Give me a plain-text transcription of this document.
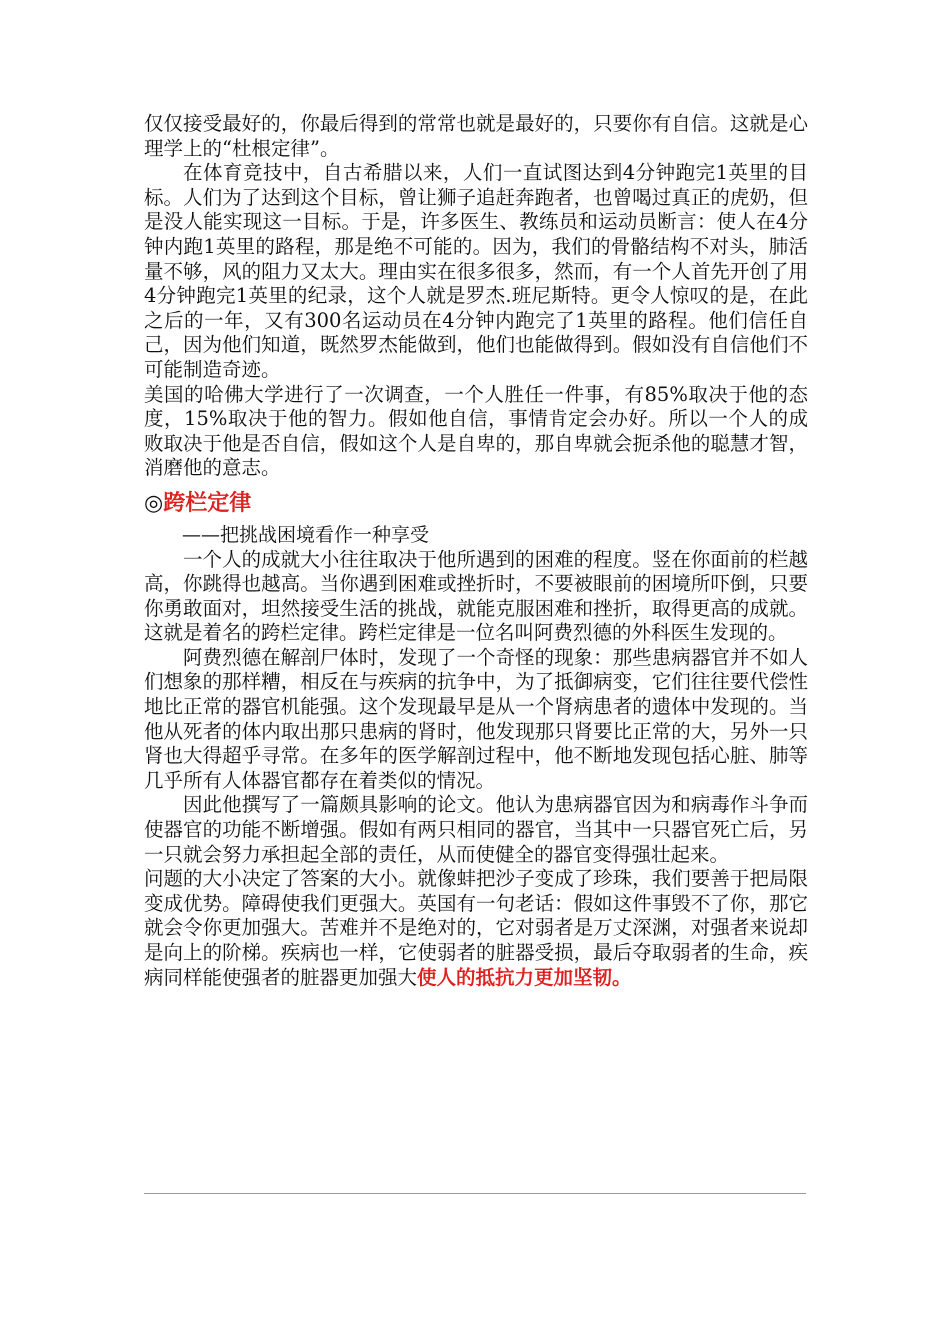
仅仅接受最好的，你最后得到的常常也就是最好的，只要你有自信。这就是心理学上的“杜根定律”。

在体育竞技中，自古希腊以来，人们一直试图达到4分钟跑完1英里的目标。人们为了达到这个目标，曾让狮子追赶奔跑者，也曾喝过真正的虎奶，但是没人能实现这一目标。于是，许多医生、教练员和运动员断言：使人在4分钟内跑1英里的路程，那是绝不可能的。因为，我们的骨骼结构不对头，肺活量不够，风的阻力又太大。理由实在很多很多，然而，有一个人首先开创了用4分钟跑完1英里的纪录，这个人就是罗杰.班尼斯特。更令人惊叹的是，在此之后的一年，又有300名运动员在4分钟内跑完了1英里的路程。他们信任自己，因为他们知道，既然罗杰能做到，他们也能做得到。假如没有自信他们不可能制造奇迹。

美国的哈佛大学进行了一次调查，一个人胜任一件事，有85%取决于他的态度，15%取决于他的智力。假如他自信，事情肯定会办好。所以一个人的成败取决于他是否自信，假如这个人是自卑的，那自卑就会扼杀他的聪慧才智，消磨他的意志。

◎跨栏定律

——把挑战困境看作一种享受

一个人的成就大小往往取决于他所遇到的困难的程度。竖在你面前的栏越高，你跳得也越高。当你遇到困难或挫折时，不要被眼前的困境所吓倒，只要你勇敢面对，坦然接受生活的挑战，就能克服困难和挫折，取得更高的成就。这就是着名的跨栏定律。跨栏定律是一位名叫阿费烈德的外科医生发现的。

阿费烈德在解剖尸体时，发现了一个奇怪的现象：那些患病器官并不如人们想象的那样糟，相反在与疾病的抗争中，为了抵御病变，它们往往要代偿性地比正常的器官机能强。这个发现最早是从一个肾病患者的遗体中发现的。当他从死者的体内取出那只患病的肾时，他发现那只肾要比正常的大，另外一只肾也大得超乎寻常。在多年的医学解剖过程中，他不断地发现包括心脏、肺等几乎所有人体器官都存在着类似的情况。

因此他撰写了一篇颇具影响的论文。他认为患病器官因为和病毒作斗争而使器官的功能不断增强。假如有两只相同的器官，当其中一只器官死亡后，另一只就会努力承担起全部的责任，从而使健全的器官变得强壮起来。

问题的大小决定了答案的大小。就像蚌把沙子变成了珍珠，我们要善于把局限变成优势。障碍使我们更强大。英国有一句老话：假如这件事毁不了你，那它就会令你更加强大。苦难并不是绝对的，它对弱者是万丈深渊，对强者来说却是向上的阶梯。疾病也一样，它使弱者的脏器受损，最后夺取弱者的生命，疾病同样能使强者的脏器更加强大使人的抵抗力更加坚韧。
